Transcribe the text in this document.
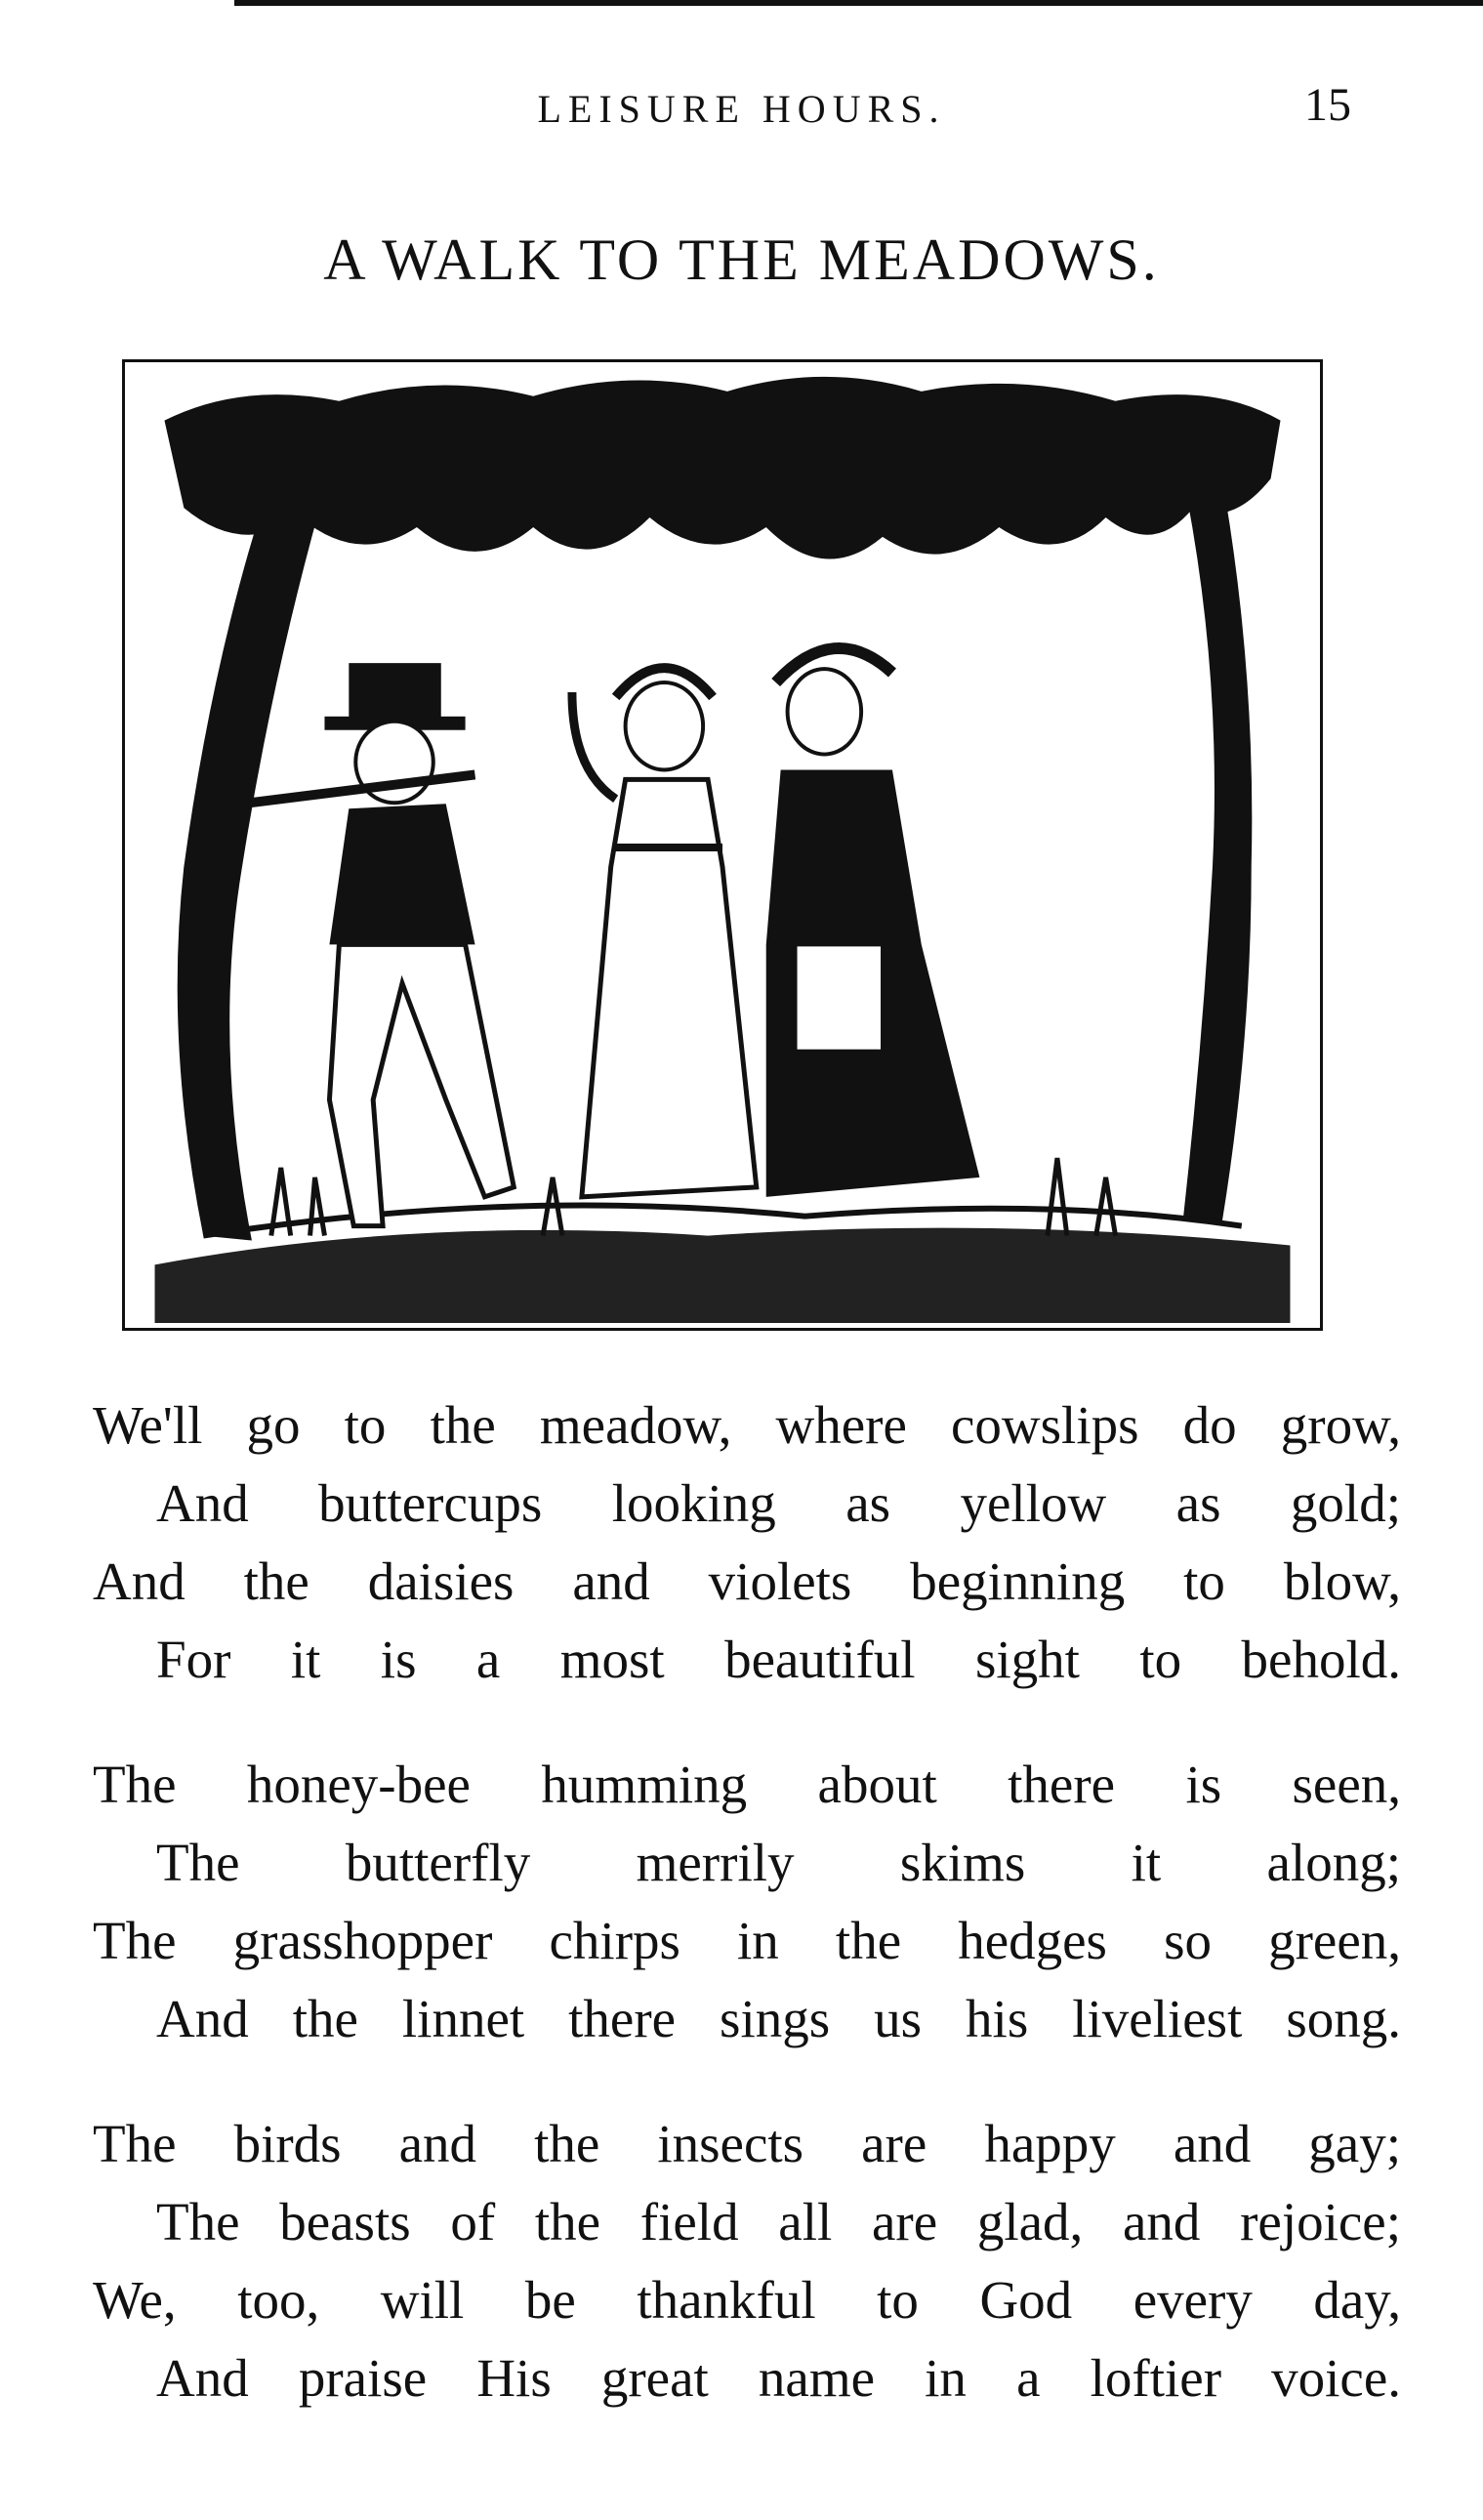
LEISURE HOURS.	15
A WALK TO THE MEADOWS.
We'll go to the meadow, where cowslips do grow,
And buttercups looking as yellow as gold;
And the daisies and violets beginning to blow,
For it is a most beautiful sight to behold.
The honey-bee humming about there is seen,
The butterfly merrily skims it along;
The grasshopper chirps in the hedges so green,
And the linnet there sings us his liveliest song.
The birds and the insects are happy and gay;
The beasts of the field all are glad, and rejoice;
We, too, will be thankful to God every day,
And praise His great name in a loftier voice.
